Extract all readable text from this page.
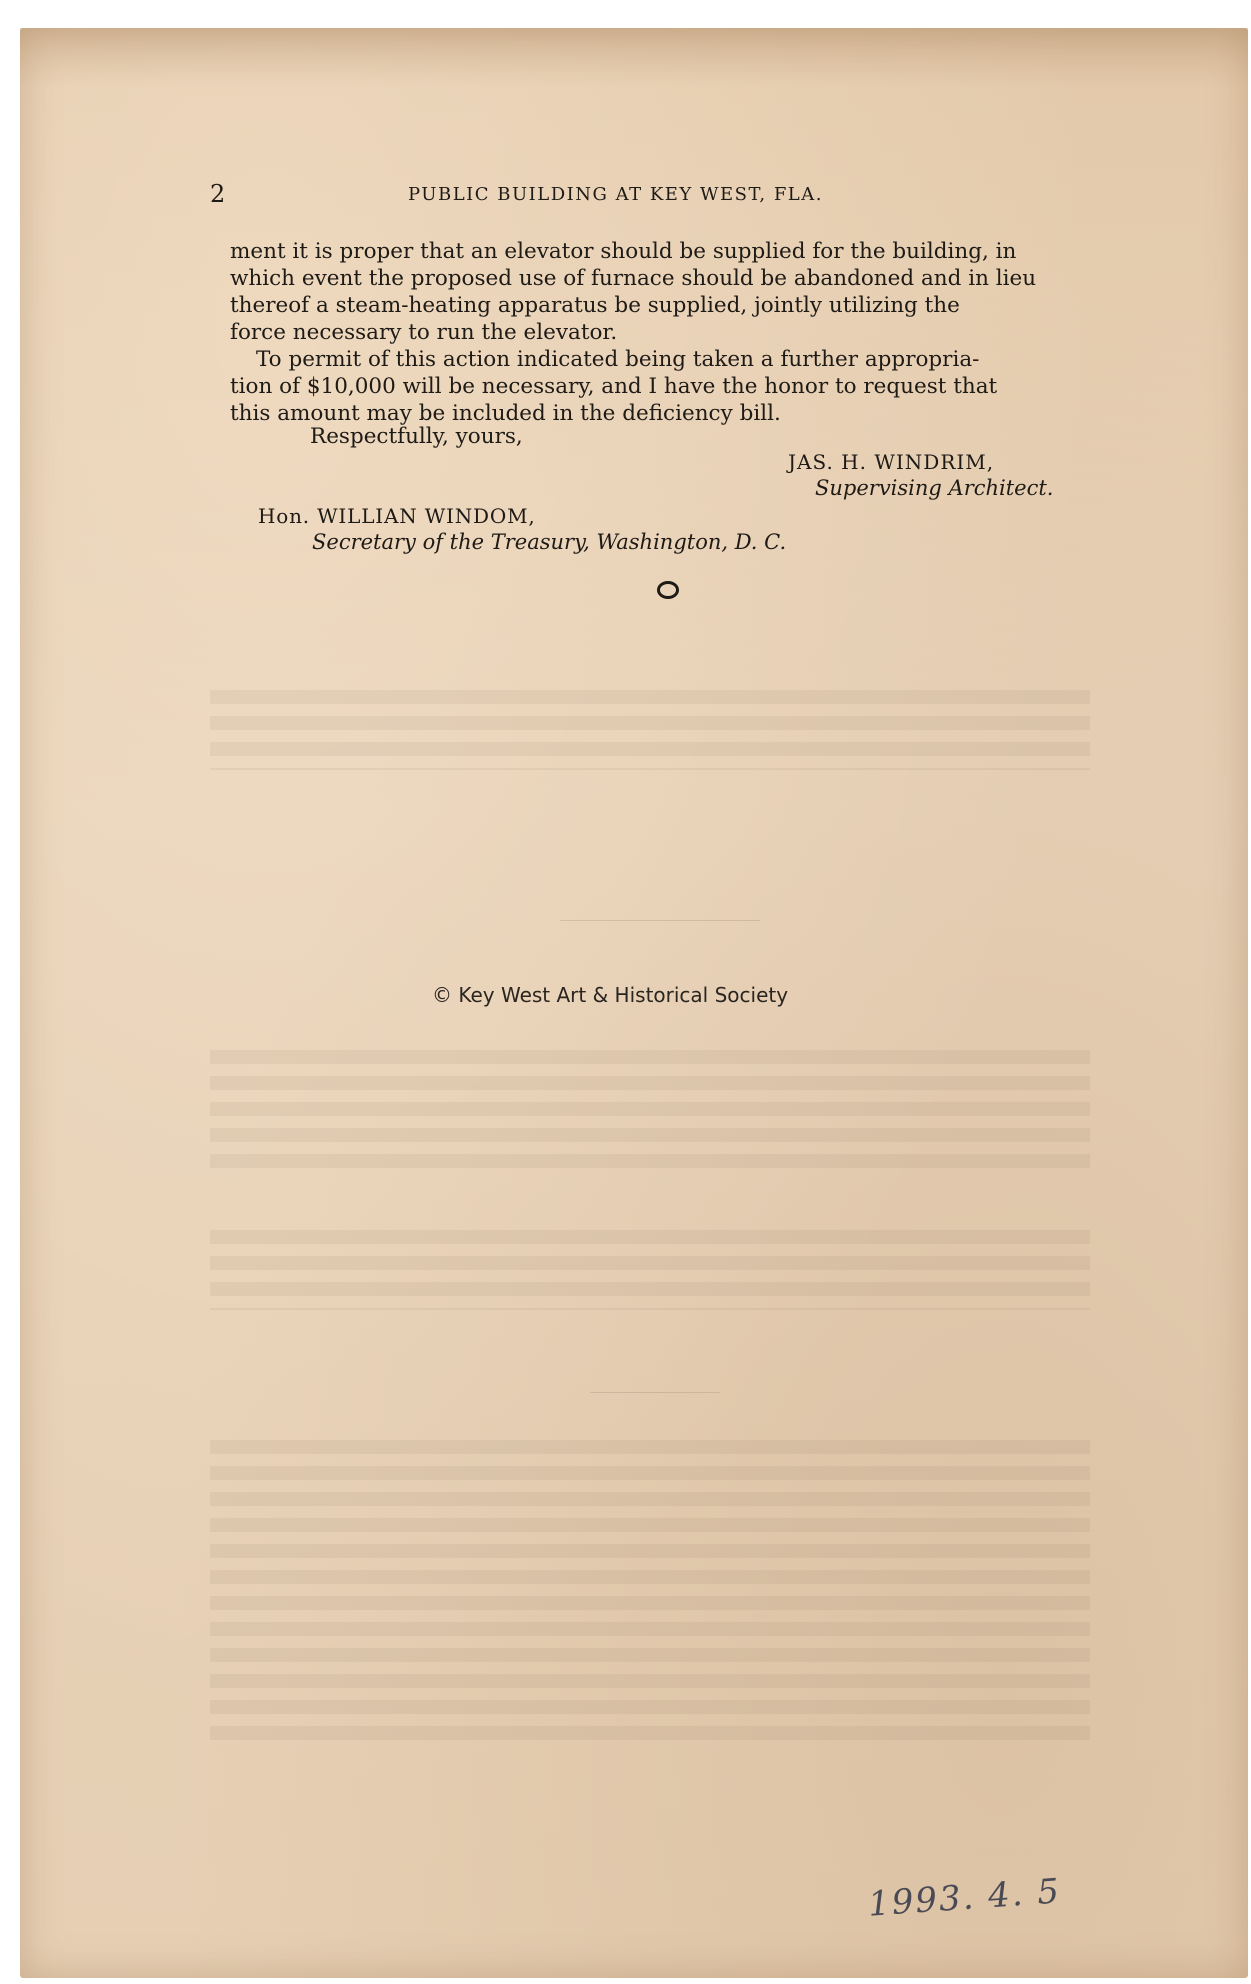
2	PUBLIC BUILDING AT KEY WEST, FLA.

ment it is proper that an elevator should be supplied for the building, in
which event the proposed use of furnace should be abandoned and in lieu
thereof a steam-heating apparatus be supplied, jointly utilizing the
force necessary to run the elevator.

To permit of this action indicated being taken a further appropria-
tion of $10,000 will be necessary, and I have the honor to request that
this amount may be included in the deficiency bill.

Respectfully, yours,
JAS. H. WINDRIM,
Supervising Architect.
Hon. WILLIAN WINDOM,
Secretary of the Treasury, Washington, D. C.
© Key West Art & Historical Society
1993. 4. 5
